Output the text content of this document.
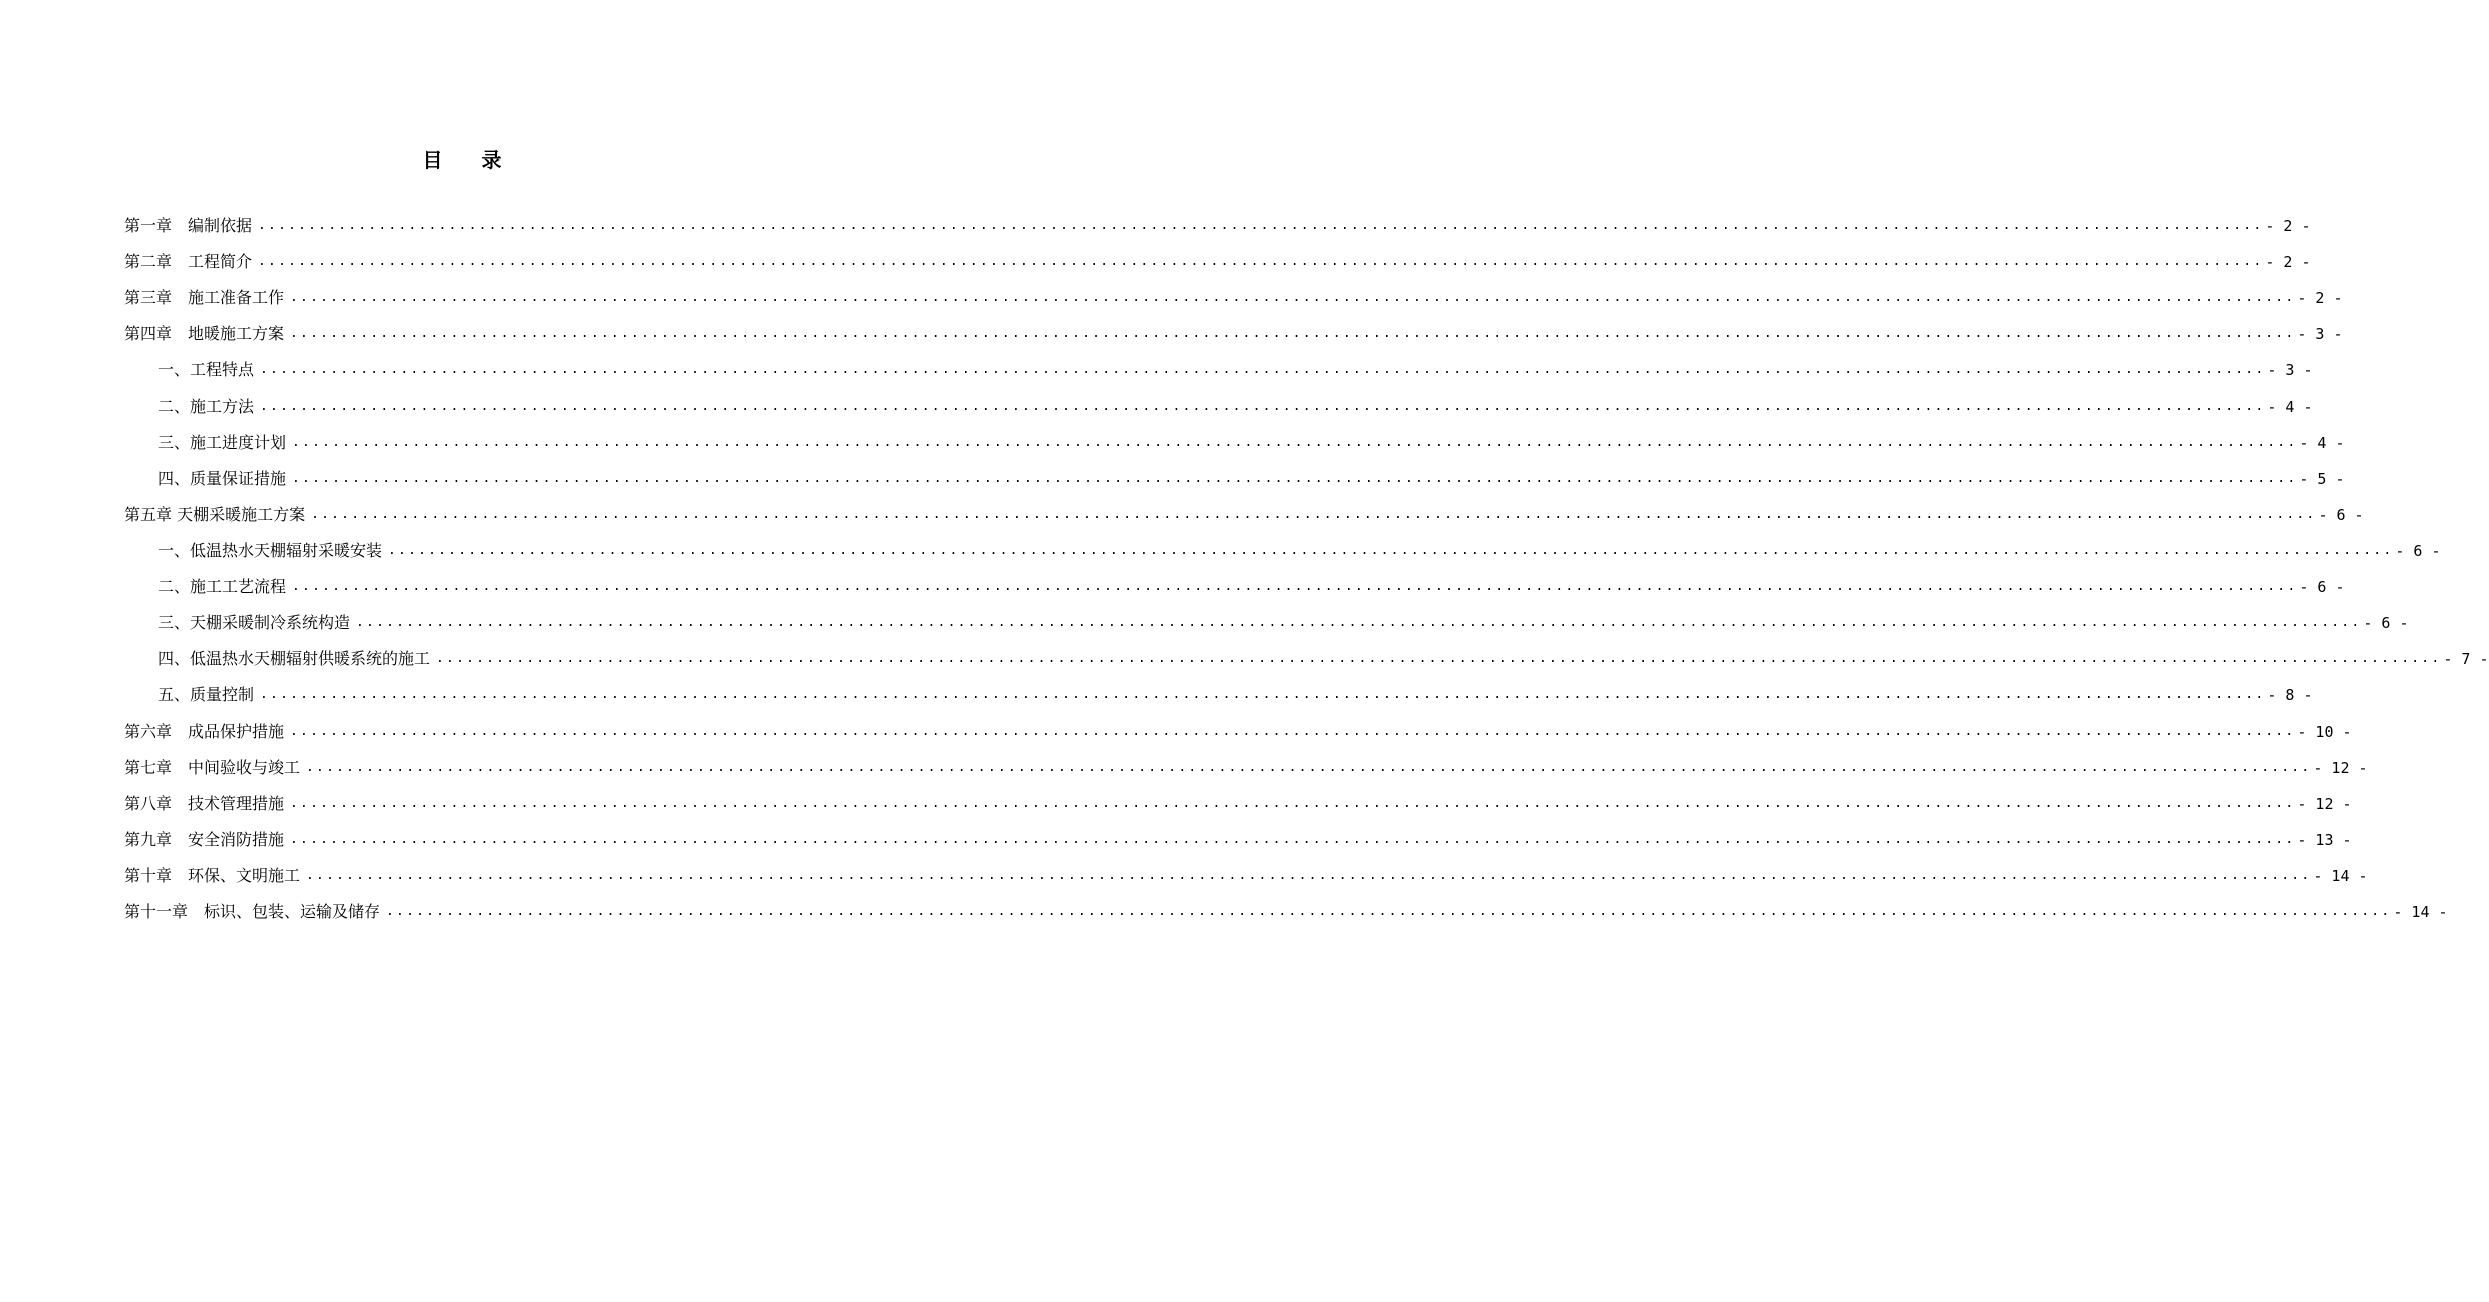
目 录
第一章　编制依据 ........................................................................................................................................................................................................ - 2 -
第二章　工程简介 ........................................................................................................................................................................................................ - 2 -
第三章　施工准备工作 ........................................................................................................................................................................................................ - 2 -
第四章　地暖施工方案 ........................................................................................................................................................................................................ - 3 -
一、工程特点 ........................................................................................................................................................................................................ - 3 -
二、施工方法 ........................................................................................................................................................................................................ - 4 -
三、施工进度计划 ........................................................................................................................................................................................................ - 4 -
四、质量保证措施 ........................................................................................................................................................................................................ - 5 -
第五章 天棚采暖施工方案 ........................................................................................................................................................................................................ - 6 -
一、低温热水天棚辐射采暖安装 ........................................................................................................................................................................................................ - 6 -
二、施工工艺流程 ........................................................................................................................................................................................................ - 6 -
三、天棚采暖制冷系统构造 ........................................................................................................................................................................................................ - 6 -
四、低温热水天棚辐射供暖系统的施工 ........................................................................................................................................................................................................ - 7 -
五、质量控制 ........................................................................................................................................................................................................ - 8 -
第六章　成品保护措施 ........................................................................................................................................................................................................ - 10 -
第七章　中间验收与竣工 ........................................................................................................................................................................................................ - 12 -
第八章　技术管理措施 ........................................................................................................................................................................................................ - 12 -
第九章　安全消防措施 ........................................................................................................................................................................................................ - 13 -
第十章　环保、文明施工 ........................................................................................................................................................................................................ - 14 -
第十一章　标识、包装、运输及储存 ........................................................................................................................................................................................................ - 14 -
